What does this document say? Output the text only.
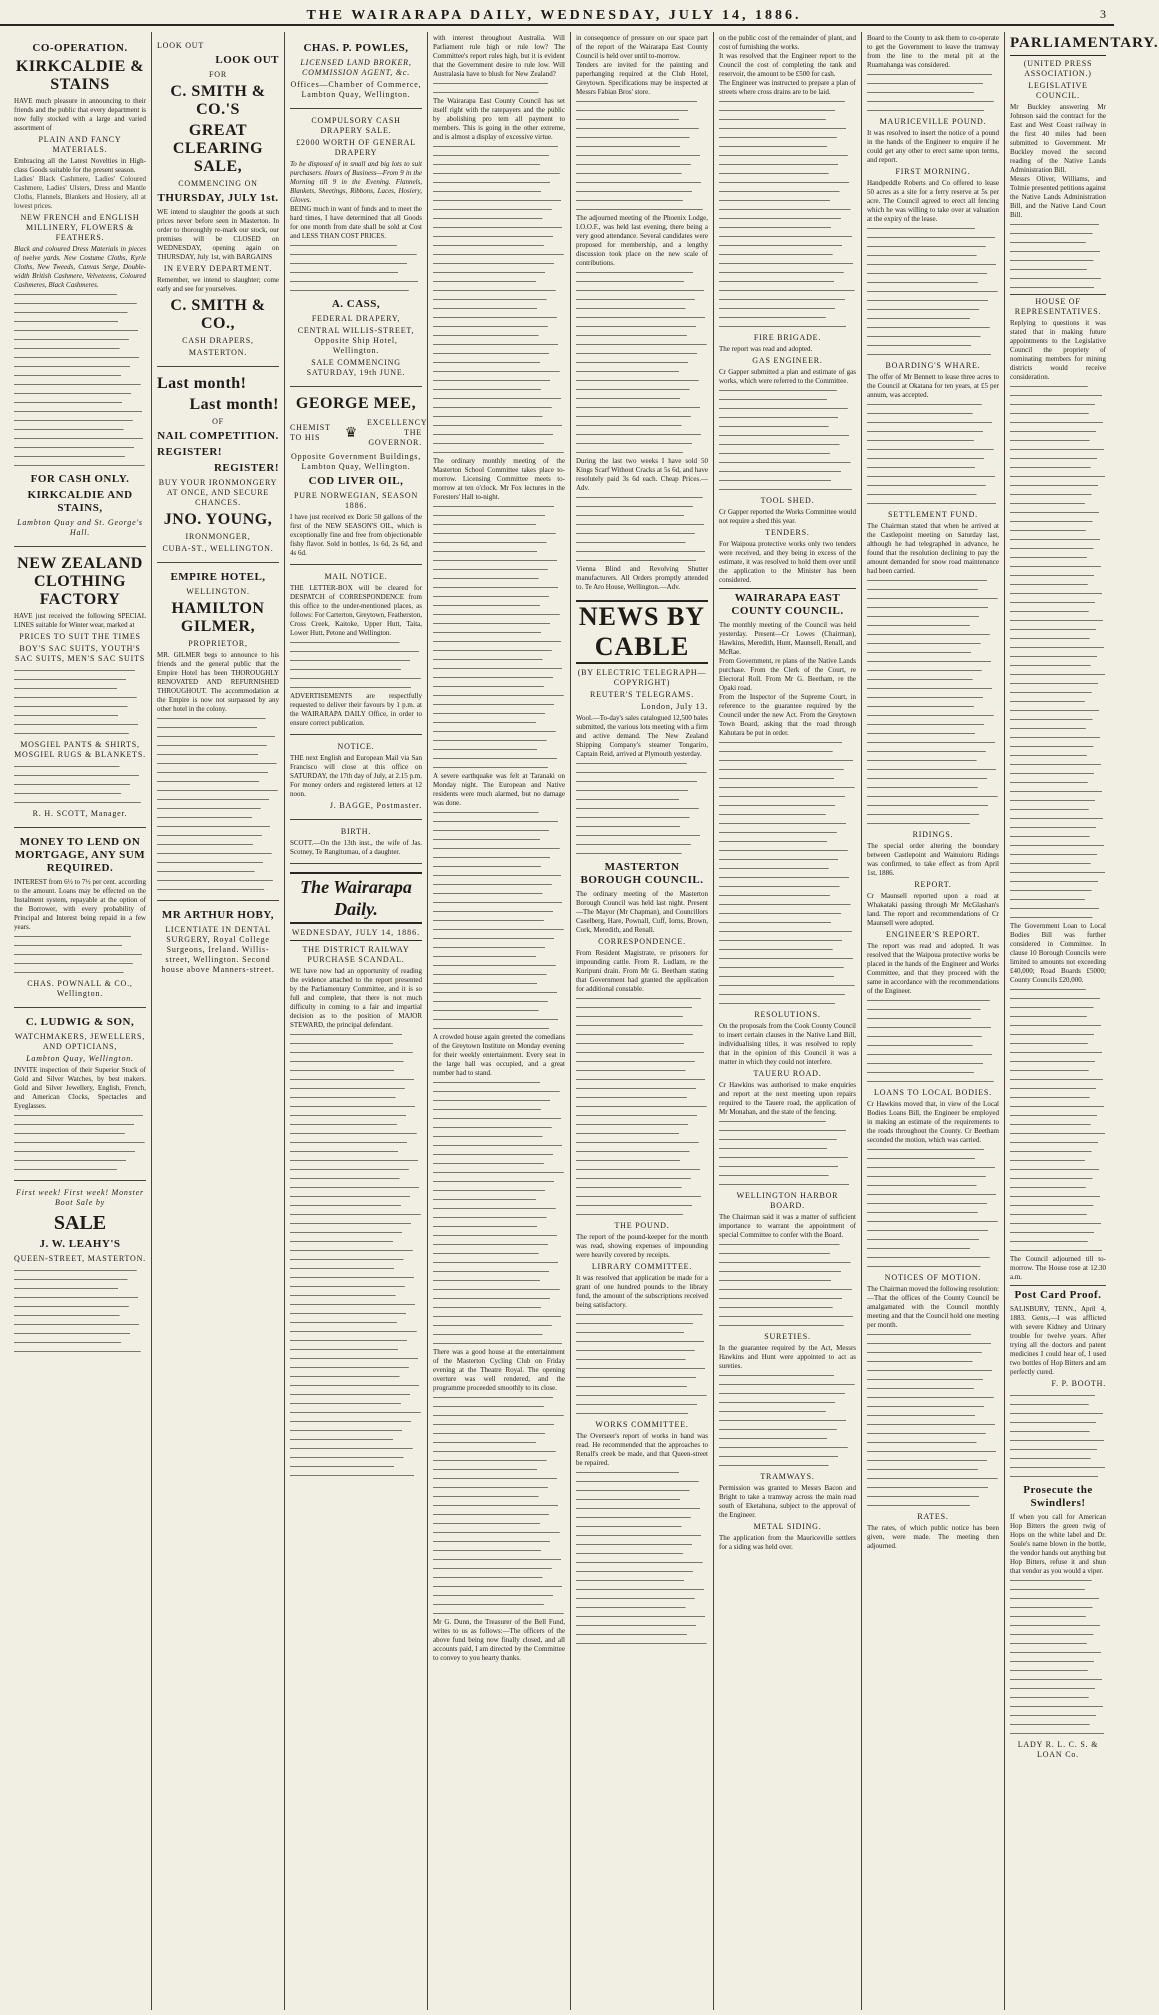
THE WAIRARAPA DAILY, WEDNESDAY, JULY 14, 1886.	3
CO-OPERATION.
KIRKCALDIE & STAINS
HAVE much pleasure in announcing to their friends and the public that every department is now fully stocked with a large and varied assortment of
PLAIN AND FANCY MATERIALS.
Embracing all the Latest Novelties in High-class Goods suitable for the present season.
Ladies' Black Cashmere, Ladies' Coloured Cashmere, Ladies' Ulsters, Dress and Mantle Cloths, Flannels, Blankets and Hosiery, all at lowest prices.
NEW FRENCH and ENGLISH MILLINERY, FLOWERS & FEATHERS.
Black and coloured Dress Materials in pieces of twelve yards. New Costume Cloths, Kyrle Cloths, New Tweeds, Canvas Serge, Double-width British Cashmere, Velveteens, Coloured Cashmeres, Black Cashmeres.
FOR CASH ONLY.
KIRKCALDIE AND STAINS,
Lambton Quay and St. George's Hall.
NEW ZEALAND CLOTHING FACTORY
HAVE just received the following SPECIAL LINES suitable for Winter wear, marked at
PRICES TO SUIT THE TIMES
BOY'S SAC SUITS, YOUTH'S SAC SUITS, MEN'S SAC SUITS
MOSGIEL PANTS & SHIRTS, MOSGIEL RUGS & BLANKETS.
R. H. SCOTT, Manager.
MONEY TO LEND ON MORTGAGE, ANY SUM REQUIRED.
INTEREST from 6½ to 7½ per cent. according to the amount. Loans may be effected on the Instalment system, repayable at the option of the Borrower, with every probability of Principal and Interest being repaid in a few years.
CHAS. POWNALL & CO., Wellington.
C. LUDWIG & SON,
WATCHMAKERS, JEWELLERS, AND OPTICIANS,
Lambton Quay, Wellington.
INVITE inspection of their Superior Stock of Gold and Silver Watches, by best makers. Gold and Silver Jewellery, English, French, and American Clocks, Spectacles and Eyeglasses.
First week! First week! Monster Boot Sale by
SALE
J. W. LEAHY'S
QUEEN-STREET, MASTERTON.
LOOK OUT
LOOK OUT
FOR
C. SMITH & CO.'S
GREAT CLEARING SALE,
COMMENCING ON
THURSDAY, JULY 1st.
WE intend to slaughter the goods at such prices never before seen in Masterton. In order to thoroughly re-mark our stock, our premises will be CLOSED on WEDNESDAY, opening again on THURSDAY, July 1st, with BARGAINS
IN EVERY DEPARTMENT.
Remember, we intend to slaughter; come early and see for yourselves.
C. SMITH & CO.,
CASH DRAPERS,
MASTERTON.
Last month!
Last month!
OF
NAIL COMPETITION.
REGISTER!
REGISTER!
BUY YOUR IRONMONGERY AT ONCE, AND SECURE CHANCES.
JNO. YOUNG,
IRONMONGER,
CUBA-ST., WELLINGTON.
EMPIRE HOTEL,
WELLINGTON.
HAMILTON GILMER,
PROPRIETOR,
MR. GILMER begs to announce to his friends and the general public that the Empire Hotel has been THOROUGHLY RENOVATED AND REFURNISHED THROUGHOUT. The accommodation at the Empire is now not surpassed by any other hotel in the colony.
MR ARTHUR HOBY,
LICENTIATE IN DENTAL SURGERY, Royal College Surgeons, Ireland. Willis-street, Wellington. Second house above Manners-street.
CHAS. P. POWLES,
LICENSED LAND BROKER, COMMISSION AGENT, &c.
Offices—Chamber of Commerce, Lambton Quay, Wellington.
COMPULSORY CASH DRAPERY SALE.
£2000 WORTH OF GENERAL DRAPERY
To be disposed of in small and big lots to suit purchasers. Hours of Business—From 9 in the Morning till 9 in the Evening. Flannels, Blankets, Sheetings, Ribbons, Laces, Hosiery, Gloves.
BEING much in want of funds and to meet the hard times, I have determined that all Goods for one month from date shall be sold at Cost and LESS THAN COST PRICES.
A. CASS,
FEDERAL DRAPERY,
CENTRAL WILLIS-STREET, Opposite Ship Hotel, Wellington.
SALE COMMENCING SATURDAY, 19th JUNE.
GEORGE MEE,
CHEMIST TO HIS	♛
EXCELLENCY THE GOVERNOR.
Opposite Government Buildings, Lambton Quay, Wellington.
COD LIVER OIL,
PURE NORWEGIAN, SEASON 1886.
I have just received ex Doric 50 gallons of the first of the NEW SEASON'S OIL, which is exceptionally fine and free from objectionable fishy flavor. Sold in bottles, 1s 6d, 2s 6d, and 4s 6d.
MAIL NOTICE.
THE LETTER-BOX will be cleared for DESPATCH of CORRESPONDENCE from this office to the under-mentioned places, as follows: For Carterton, Greytown, Featherston, Cross Creek, Kaitoke, Upper Hutt, Taita, Lower Hutt, Petone and Wellington.
ADVERTISEMENTS are respectfully requested to deliver their favours by 1 p.m. at the WAIRARAPA DAILY Office, in order to ensure correct publication.
NOTICE.
THE next English and European Mail via San Francisco will close at this office on SATURDAY, the 17th day of July, at 2.15 p.m. For money orders and registered letters at 12 noon.
J. BAGGE, Postmaster.
BIRTH.
SCOTT.—On the 13th inst., the wife of Jas. Scotney, Te Rangitumau, of a daughter.
The Wairarapa Daily.
WEDNESDAY, JULY 14, 1886.
THE DISTRICT RAILWAY PURCHASE SCANDAL.
WE have now had an opportunity of reading the evidence attached to the report presented by the Parliamentary Committee, and it is so full and complete, that there is not much difficulty in coming to a fair and impartial decision as to the position of MAJOR STEWARD, the principal defendant.
with interest throughout Australia. Will Parliament rule high or rule low? The Committee's report rules high, but it is evident that the Government desire to rule low. Will Australasia have to blush for New Zealand?
The Wairarapa East County Council has set itself right with the ratepayers and the public by abolishing pro tem all payment to members. This is going in the other extreme, and is almost a display of excessive virtue.
The ordinary monthly meeting of the Masterton School Committee takes place to-morrow. Licensing Committee meets to-morrow at ten o'clock. Mr Fox lectures in the Foresters' Hall to-night.
A severe earthquake was felt at Taranaki on Monday night. The European and Native residents were much alarmed, but no damage was done.
A crowded house again greeted the comedians of the Greytown Institute on Monday evening for their weekly entertainment. Every seat in the large hall was occupied, and a great number had to stand.
There was a good house at the entertainment of the Masterton Cycling Club on Friday evening at the Theatre Royal. The opening overture was well rendered, and the programme proceeded smoothly to its close.
Mr G. Dunn, the Treasurer of the Bell Fund, writes to us as follows:—The officers of the above fund being now finally closed, and all accounts paid, I am directed by the Committee to convey to you hearty thanks.
in consequence of pressure on our space part of the report of the Wairarapa East County Council is held over until to-morrow.
Tenders are invited for the painting and paperhanging required at the Club Hotel, Greytown. Specifications may be inspected at Messrs Fabian Bros' store.
The adjourned meeting of the Phoenix Lodge, I.O.O.F., was held last evening, there being a very good attendance. Several candidates were proposed for membership, and a lengthy discussion took place on the new scale of contributions.
During the last two weeks I have sold 50 Kings Scarf Without Cracks at 5s 6d, and have resolutely paid 3s 6d each. Cheap Prices.—Adv.
Vienna Blind and Revolving Shutter manufacturers. All Orders promptly attended to. Te Aro House, Wellington.—Adv.
NEWS BY CABLE
(BY ELECTRIC TELEGRAPH—COPYRIGHT)
REUTER'S TELEGRAMS.
London, July 13.
Wool.—To-day's sales catalogued 12,500 bales submitted, the various lots meeting with a firm and active demand. The New Zealand Shipping Company's steamer Tongariro, Captain Reid, arrived at Plymouth yesterday.
MASTERTON BOROUGH COUNCIL.
The ordinary meeting of the Masterton Borough Council was held last night. Present—The Mayor (Mr Chapman), and Councillors Caselberg, Hare, Pownall, Cuff, Iorns, Brown, Cork, Meredith, and Renall.
CORRESPONDENCE.
From Resident Magistrate, re prisoners for impounding cattle. From R. Ludlam, re the Kuripuni drain. From Mr G. Beetham stating that Government had granted the application for additional constable.
THE POUND.
The report of the pound-keeper for the month was read, showing expenses of impounding were heavily covered by receipts.
LIBRARY COMMITTEE.
It was resolved that application be made for a grant of one hundred pounds to the library fund, the amount of the subscriptions received being satisfactory.
WORKS COMMITTEE.
The Overseer's report of works in hand was read. He recommended that the approaches to Renall's creek be made, and that Queen-street be repaired.
on the public cost of the remainder of plant, and cost of furnishing the works.
It was resolved that the Engineer report to the Council the cost of completing the tank and reservoir, the amount to be £500 for cash.
The Engineer was instructed to prepare a plan of streets where cross drains are to be laid.
FIRE BRIGADE.
The report was read and adopted.
GAS ENGINEER.
Cr Gapper submitted a plan and estimate of gas works, which were referred to the Committee.
TOOL SHED.
Cr Gapper reported the Works Committee would not require a shed this year.
TENDERS.
For Waipoua protective works only two tenders were received, and they being in excess of the estimate, it was resolved to hold them over until the application to the Minister has been considered.
WAIRARAPA EAST COUNTY COUNCIL.
The monthly meeting of the Council was held yesterday. Present—Cr Lowes (Chairman), Hawkins, Meredith, Hunt, Maunsell, Renall, and McRae.
From Government, re plans of the Native Lands purchase. From the Clerk of the Court, re Electoral Roll. From Mr G. Beetham, re the Opaki road.
From the Inspector of the Supreme Court, in reference to the guarantee required by the Council under the new Act. From the Greytown Town Board, asking that the road through Kahutara be put in order.
RESOLUTIONS.
On the proposals from the Cook County Council to insert certain clauses in the Native Land Bill, individualising titles, it was resolved to reply that in the opinion of this Council it was a matter in which they could not interfere.
TAUERU ROAD.
Cr Hawkins was authorised to make enquiries and report at the next meeting upon repairs required to the Tauere road, the application of Mr Monahan, and the state of the fencing.
WELLINGTON HARBOR BOARD.
The Chairman said it was a matter of sufficient importance to warrant the appointment of special Committee to confer with the Board.
SURETIES.
In the guarantee required by the Act, Messrs Hawkins and Hunt were appointed to act as sureties.
TRAMWAYS.
Permission was granted to Messrs Bacon and Bright to take a tramway across the main road south of Eketahuna, subject to the approval of the Engineer.
METAL SIDING.
The application from the Mauriceville settlers for a siding was held over.
Board to the County to ask them to co-operate to get the Government to leave the tramway from the line to the metal pit at the Ruamahanga was considered.
MAURICEVILLE POUND.
It was resolved to insert the notice of a pound in the hands of the Engineer to enquire if he could get any other to erect same upon terms, and report.
FIRST MORNING.
Handpeddle Roberts and Co offered to lease 50 acres as a site for a ferry reserve at 5s per acre. The Council agreed to erect all fencing which he was willing to take over at valuation at the expiry of the lease.
BOARDING'S WHARE.
The offer of Mr Bennett to lease three acres to the Council at Okatana for ten years, at £5 per annum, was accepted.
SETTLEMENT FUND.
The Chairman stated that when he arrived at the Castlepoint meeting on Saturday last, although he had telegraphed in advance, he found that the resolution declining to pay the amount demanded for snow road maintenance had been carried.
RIDINGS.
The special order altering the boundary between Castlepoint and Wainuioru Ridings was confirmed, to take effect as from April 1st, 1886.
REPORT.
Cr Maunsell reported upon a road at Whakataki passing through Mr McGlashan's land. The report and recommendations of Cr Maunsell were adopted.
ENGINEER'S REPORT.
The report was read and adopted. It was resolved that the Waipoua protective works be placed in the hands of the Engineer and Works Committee, and that they proceed with the same in accordance with the recommendations of the Engineer.
LOANS TO LOCAL BODIES.
Cr Hawkins moved that, in view of the Local Bodies Loans Bill, the Engineer be employed in making an estimate of the requirements to the roads throughout the County. Cr Beetham seconded the motion, which was carried.
NOTICES OF MOTION.
The Chairman moved the following resolution:—That the offices of the County Council be amalgamated with the Council monthly meeting and that the Council hold one meeting per month.
RATES.
The rates, of which public notice has been given, were made. The meeting then adjourned.
PARLIAMENTARY.
(UNITED PRESS ASSOCIATION.)
LEGISLATIVE COUNCIL.
Mr Buckley answering Mr Johnson said the contract for the East and West Coast railway in the first 40 miles had been submitted to Government. Mr Buckley moved the second reading of the Native Lands Administration Bill.
Messrs Oliver, Williams, and Tolmie presented petitions against the Native Lands Administration Bill, and the Native Land Court Bill.
HOUSE OF REPRESENTATIVES.
Replying to questions it was stated that in making future appointments to the Legislative Council the propriety of nominating members for mining districts would receive consideration.
The Government Loan to Local Bodies Bill was further considered in Committee. In clause 10 Borough Councils were limited to amounts not exceeding £40,000; Road Boards £5000; County Councils £20,000.
The Council adjourned till to-morrow. The House rose at 12.30 a.m.
Post Card Proof.
SALISBURY, TENN., April 4, 1883. Gents,—I was afflicted with severe Kidney and Urinary trouble for twelve years. After trying all the doctors and patent medicines I could hear of, I used two bottles of Hop Bitters and am perfectly cured.
F. P. BOOTH.
Prosecute the Swindlers!
If when you call for American Hop Bitters the green twig of Hops on the white label and Dr. Soule's name blown in the bottle, the vendor hands out anything but Hop Bitters, refuse it and shun that vendor as you would a viper.
LADY R. L. C. S. & LOAN Co.
